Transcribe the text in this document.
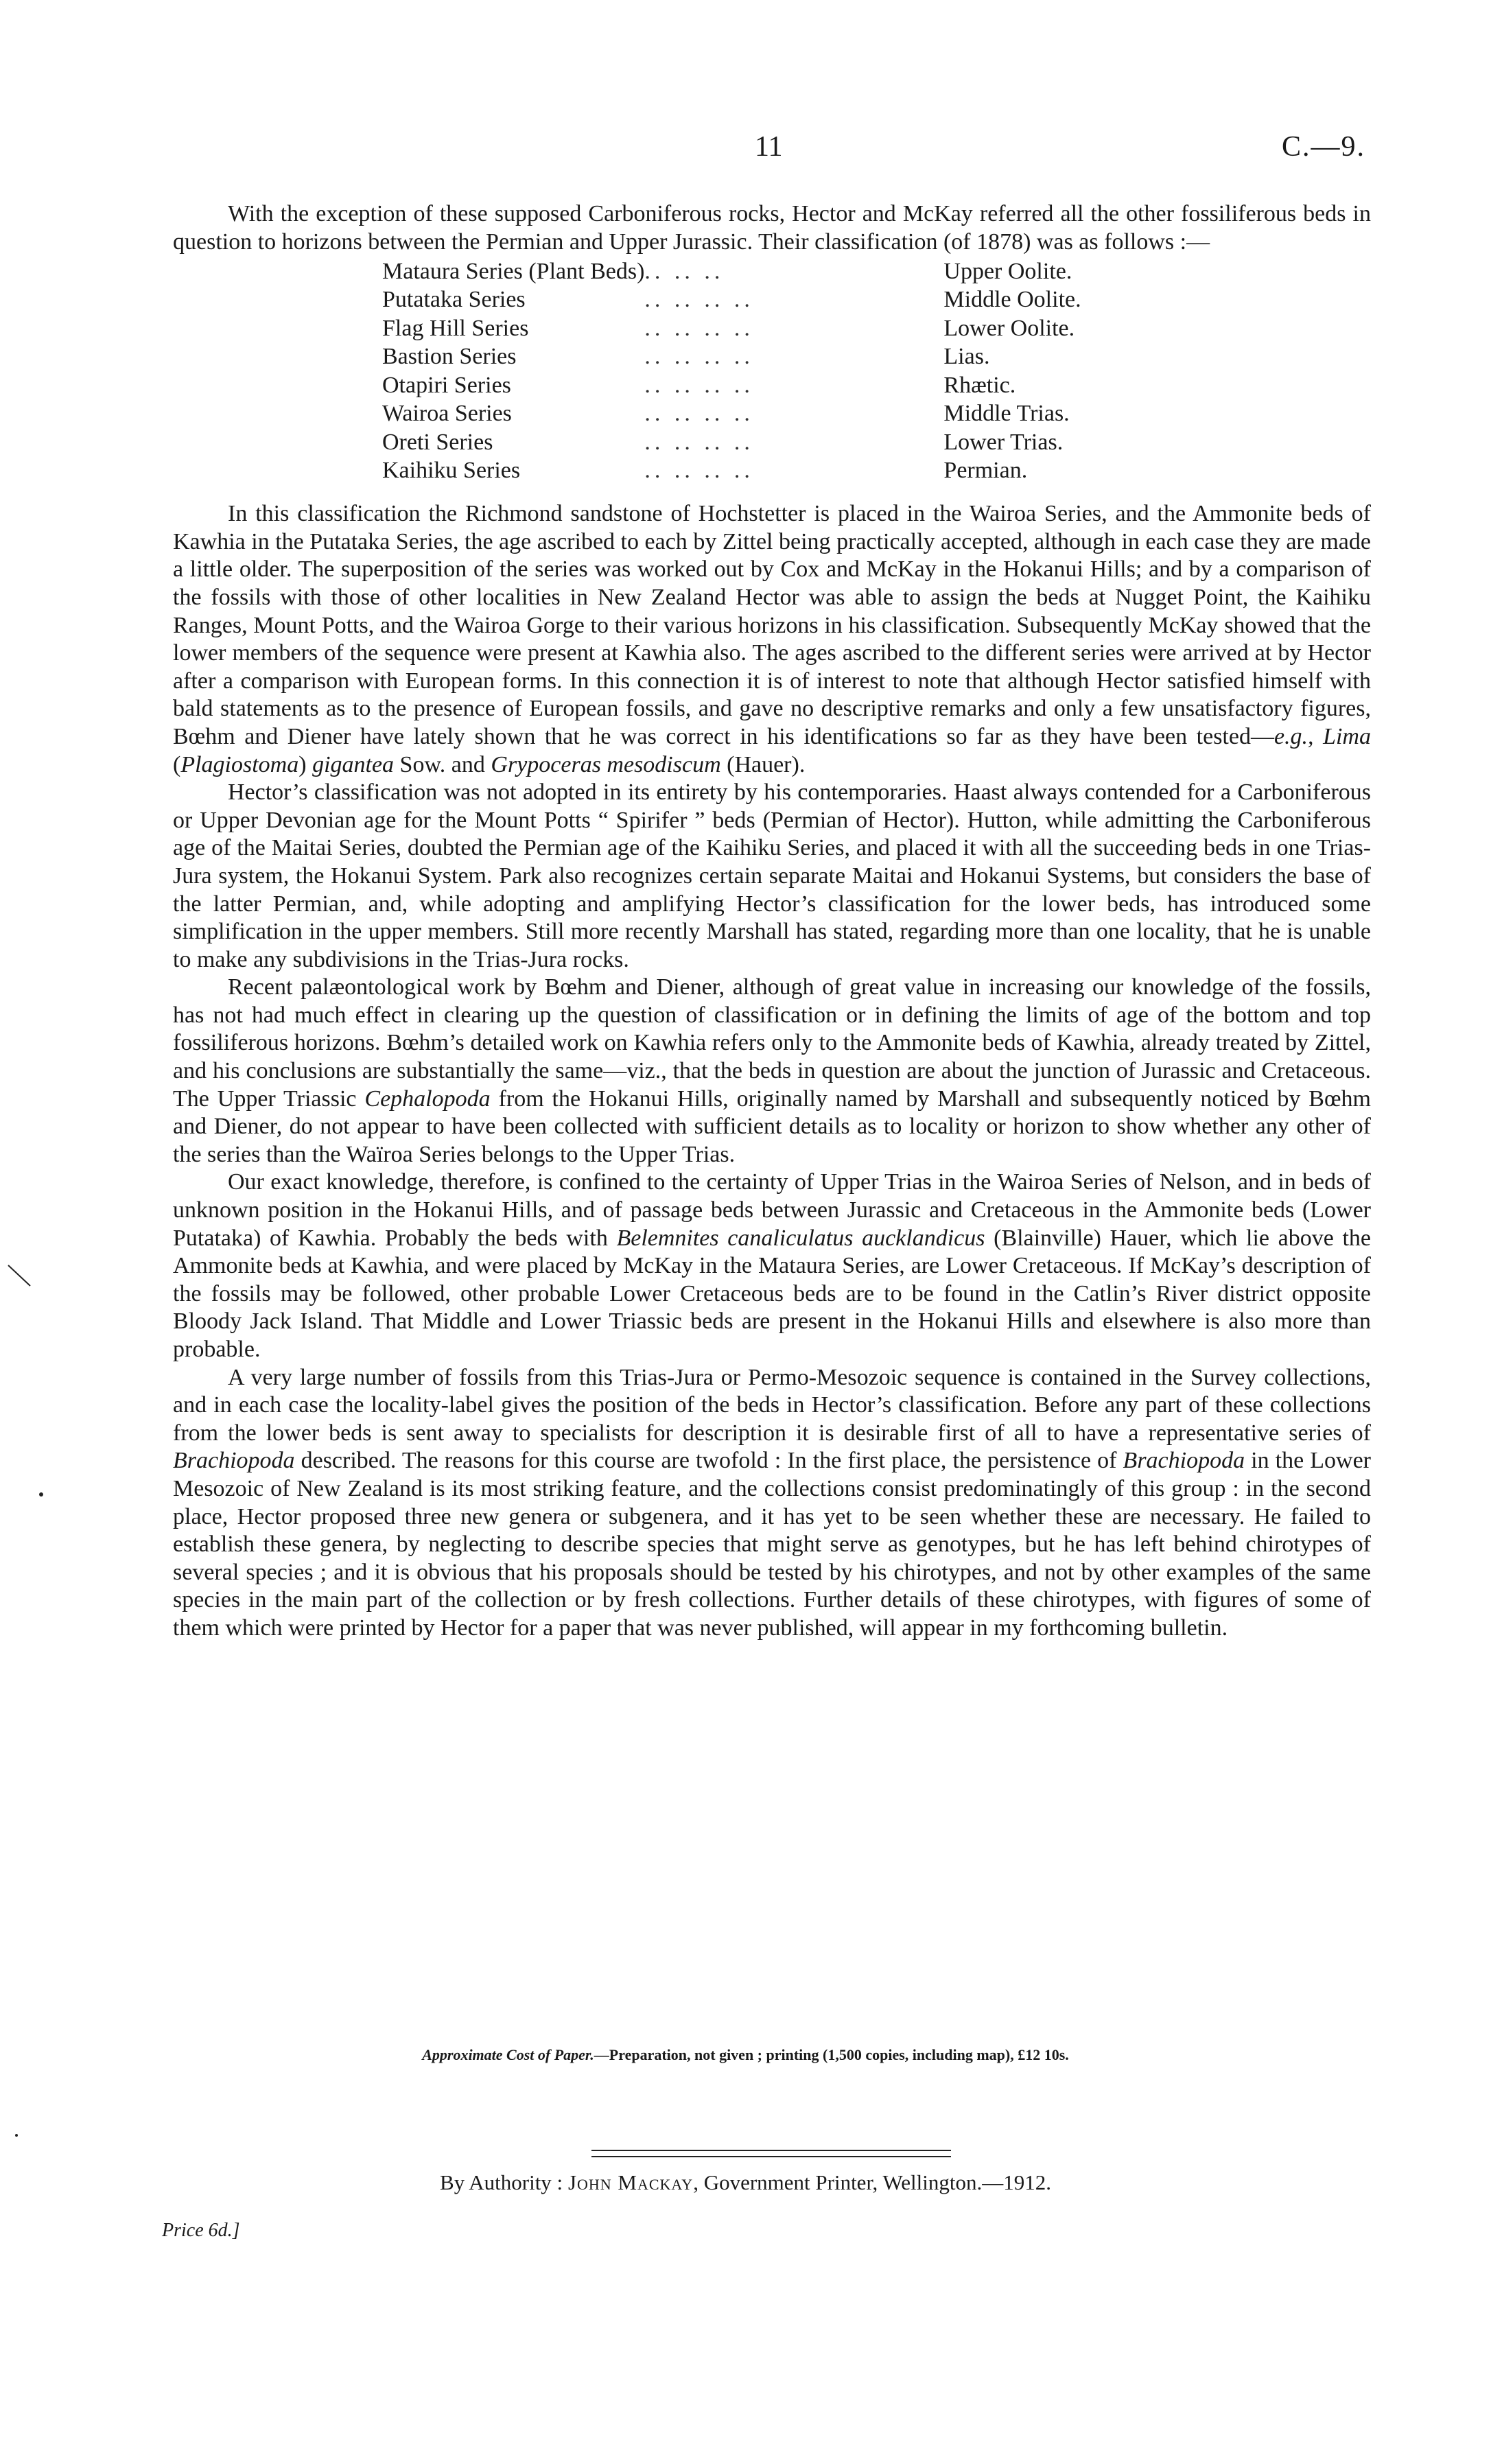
11	C.—9.

With the exception of these supposed Carboniferous rocks, Hector and McKay referred all the other fossiliferous beds in question to horizons between the Permian and Upper Jurassic. Their classification (of 1878) was as follows :—

Mataura Series (Plant Beds)	.. .. ..	Upper Oolite.
Putataka Series	.. .. .. ..	Middle Oolite.
Flag Hill Series	.. .. .. ..	Lower Oolite.
Bastion Series	.. .. .. ..	Lias.
Otapiri Series	.. .. .. ..	Rhætic.
Wairoa Series	.. .. .. ..	Middle Trias.
Oreti Series	.. .. .. ..	Lower Trias.
Kaihiku Series	.. .. .. ..	Permian.

In this classification the Richmond sandstone of Hochstetter is placed in the Wairoa Series, and the Ammonite beds of Kawhia in the Putataka Series, the age ascribed to each by Zittel being practically accepted, although in each case they are made a little older. The superposition of the series was worked out by Cox and McKay in the Hokanui Hills; and by a comparison of the fossils with those of other localities in New Zealand Hector was able to assign the beds at Nugget Point, the Kaihiku Ranges, Mount Potts, and the Wairoa Gorge to their various horizons in his classification. Subsequently McKay showed that the lower members of the sequence were present at Kawhia also. The ages ascribed to the different series were arrived at by Hector after a comparison with European forms. In this connection it is of interest to note that although Hector satisfied himself with bald statements as to the presence of European fossils, and gave no descriptive remarks and only a few unsatisfactory figures, Bœhm and Diener have lately shown that he was correct in his identifications so far as they have been tested—e.g., Lima (Plagiostoma) gigantea Sow. and Grypoceras mesodiscum (Hauer).

Hector’s classification was not adopted in its entirety by his contemporaries. Haast always contended for a Carboniferous or Upper Devonian age for the Mount Potts “ Spirifer ” beds (Permian of Hector). Hutton, while admitting the Carboniferous age of the Maitai Series, doubted the Permian age of the Kaihiku Series, and placed it with all the succeeding beds in one Trias-Jura system, the Hokanui System. Park also recognizes certain separate Maitai and Hokanui Systems, but considers the base of the latter Permian, and, while adopting and amplifying Hector’s classification for the lower beds, has introduced some simplification in the upper members. Still more recently Marshall has stated, regarding more than one locality, that he is unable to make any subdivisions in the Trias-Jura rocks.

Recent palæontological work by Bœhm and Diener, although of great value in increasing our knowledge of the fossils, has not had much effect in clearing up the question of classification or in defining the limits of age of the bottom and top fossiliferous horizons. Bœhm’s detailed work on Kawhia refers only to the Ammonite beds of Kawhia, already treated by Zittel, and his conclusions are substantially the same—viz., that the beds in question are about the junction of Jurassic and Cretaceous. The Upper Triassic Cephalopoda from the Hokanui Hills, originally named by Marshall and subsequently noticed by Bœhm and Diener, do not appear to have been collected with sufficient details as to locality or horizon to show whether any other of the series than the Waïroa Series belongs to the Upper Trias.

Our exact knowledge, therefore, is confined to the certainty of Upper Trias in the Wairoa Series of Nelson, and in beds of unknown position in the Hokanui Hills, and of passage beds between Jurassic and Cretaceous in the Ammonite beds (Lower Putataka) of Kawhia. Probably the beds with Belemnites canaliculatus aucklandicus (Blainville) Hauer, which lie above the Ammonite beds at Kawhia, and were placed by McKay in the Mataura Series, are Lower Cretaceous. If McKay’s description of the fossils may be followed, other probable Lower Cretaceous beds are to be found in the Catlin’s River district opposite Bloody Jack Island. That Middle and Lower Triassic beds are present in the Hokanui Hills and elsewhere is also more than probable.

A very large number of fossils from this Trias-Jura or Permo-Mesozoic sequence is contained in the Survey collections, and in each case the locality-label gives the position of the beds in Hector’s classification. Before any part of these collections from the lower beds is sent away to specialists for description it is desirable first of all to have a representative series of Brachiopoda described. The reasons for this course are twofold : In the first place, the persistence of Brachiopoda in the Lower Mesozoic of New Zealand is its most striking feature, and the collections consist predominatingly of this group : in the second place, Hector proposed three new genera or subgenera, and it has yet to be seen whether these are necessary. He failed to establish these genera, by neglecting to describe species that might serve as genotypes, but he has left behind chirotypes of several species ; and it is obvious that his proposals should be tested by his chirotypes, and not by other examples of the same species in the main part of the collection or by fresh collections. Further details of these chirotypes, with figures of some of them which were printed by Hector for a paper that was never published, will appear in my forthcoming bulletin.

Approximate Cost of Paper.—Preparation, not given ; printing (1,500 copies, including map), £12 10s.
By Authority : John Mackay, Government Printer, Wellington.—1912.
Price 6d.]
